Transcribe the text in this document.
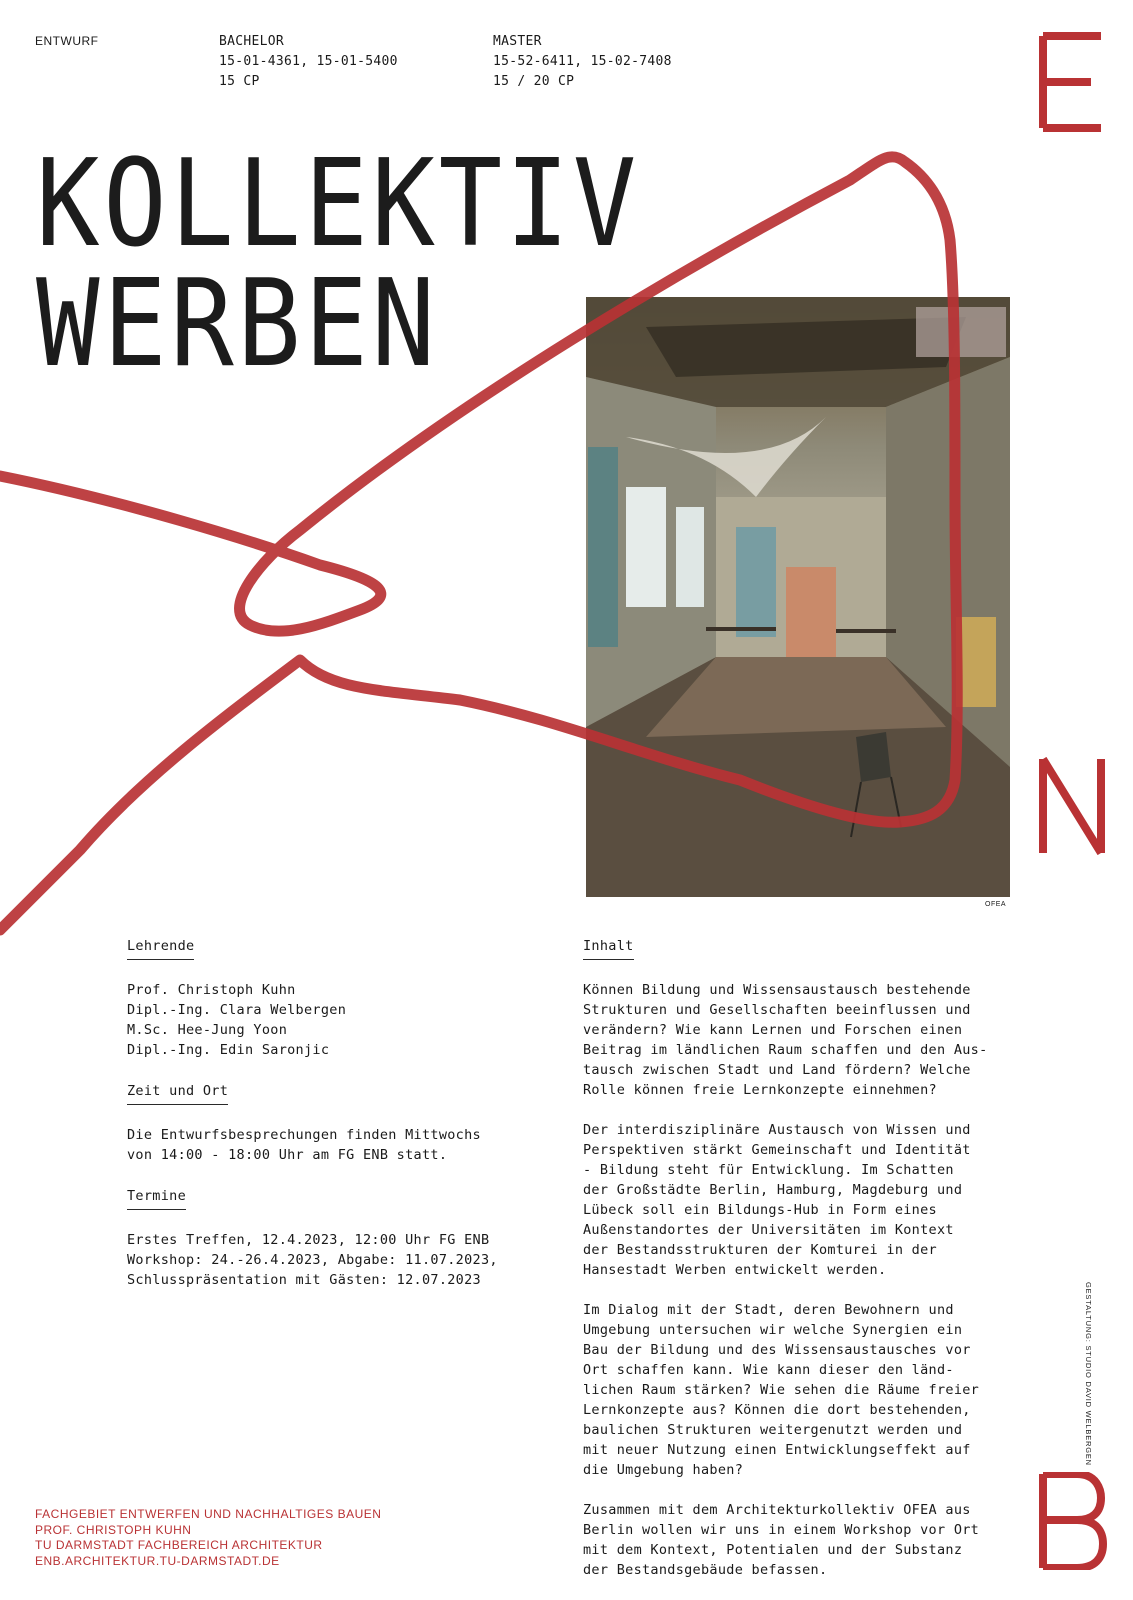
ENTWURF	BACHELOR
15-01-4361, 15-01-5400
15 CP
MASTER
15-52-6411, 15-02-7408
15 / 20 CP
KOLLEKTIV
WERBEN
OFEA
GESTALTUNG: STUDIO DAVID WELBERGEN
Lehrende
Prof. Christoph Kuhn
Dipl.-Ing. Clara Welbergen
M.Sc. Hee-Jung Yoon
Dipl.-Ing. Edin Saronjic
Zeit und Ort
Die Entwurfsbesprechungen finden Mittwochs
von 14:00 - 18:00 Uhr am FG ENB statt.
Termine
Erstes Treffen, 12.4.2023, 12:00 Uhr FG ENB
Workshop: 24.-26.4.2023, Abgabe: 11.07.2023,
Schlusspräsentation mit Gästen: 12.07.2023
Inhalt
Können Bildung und Wissensaustausch bestehende
Strukturen und Gesellschaften beeinflussen und
verändern? Wie kann Lernen und Forschen einen
Beitrag im ländlichen Raum schaffen und den Aus-
tausch zwischen Stadt und Land fördern? Welche
Rolle können freie Lernkonzepte einnehmen?
Der interdisziplinäre Austausch von Wissen und
Perspektiven stärkt Gemeinschaft und Identität
- Bildung steht für Entwicklung. Im Schatten
der Großstädte Berlin, Hamburg, Magdeburg und
Lübeck soll ein Bildungs-Hub in Form eines
Außenstandortes der Universitäten im Kontext
der Bestandsstrukturen der Komturei in der
Hansestadt Werben entwickelt werden.
Im Dialog mit der Stadt, deren Bewohnern und
Umgebung untersuchen wir welche Synergien ein
Bau der Bildung und des Wissensaustausches vor
Ort schaffen kann. Wie kann dieser den länd-
lichen Raum stärken? Wie sehen die Räume freier
Lernkonzepte aus? Können die dort bestehenden,
baulichen Strukturen weitergenutzt werden und
mit neuer Nutzung einen Entwicklungseffekt auf
die Umgebung haben?
Zusammen mit dem Architekturkollektiv OFEA aus
Berlin wollen wir uns in einem Workshop vor Ort
mit dem Kontext, Potentialen und der Substanz
der Bestandsgebäude befassen.
FACHGEBIET ENTWERFEN UND NACHHALTIGES BAUEN
PROF. CHRISTOPH KUHN
TU DARMSTADT FACHBEREICH ARCHITEKTUR
ENB.ARCHITEKTUR.TU-DARMSTADT.DE
